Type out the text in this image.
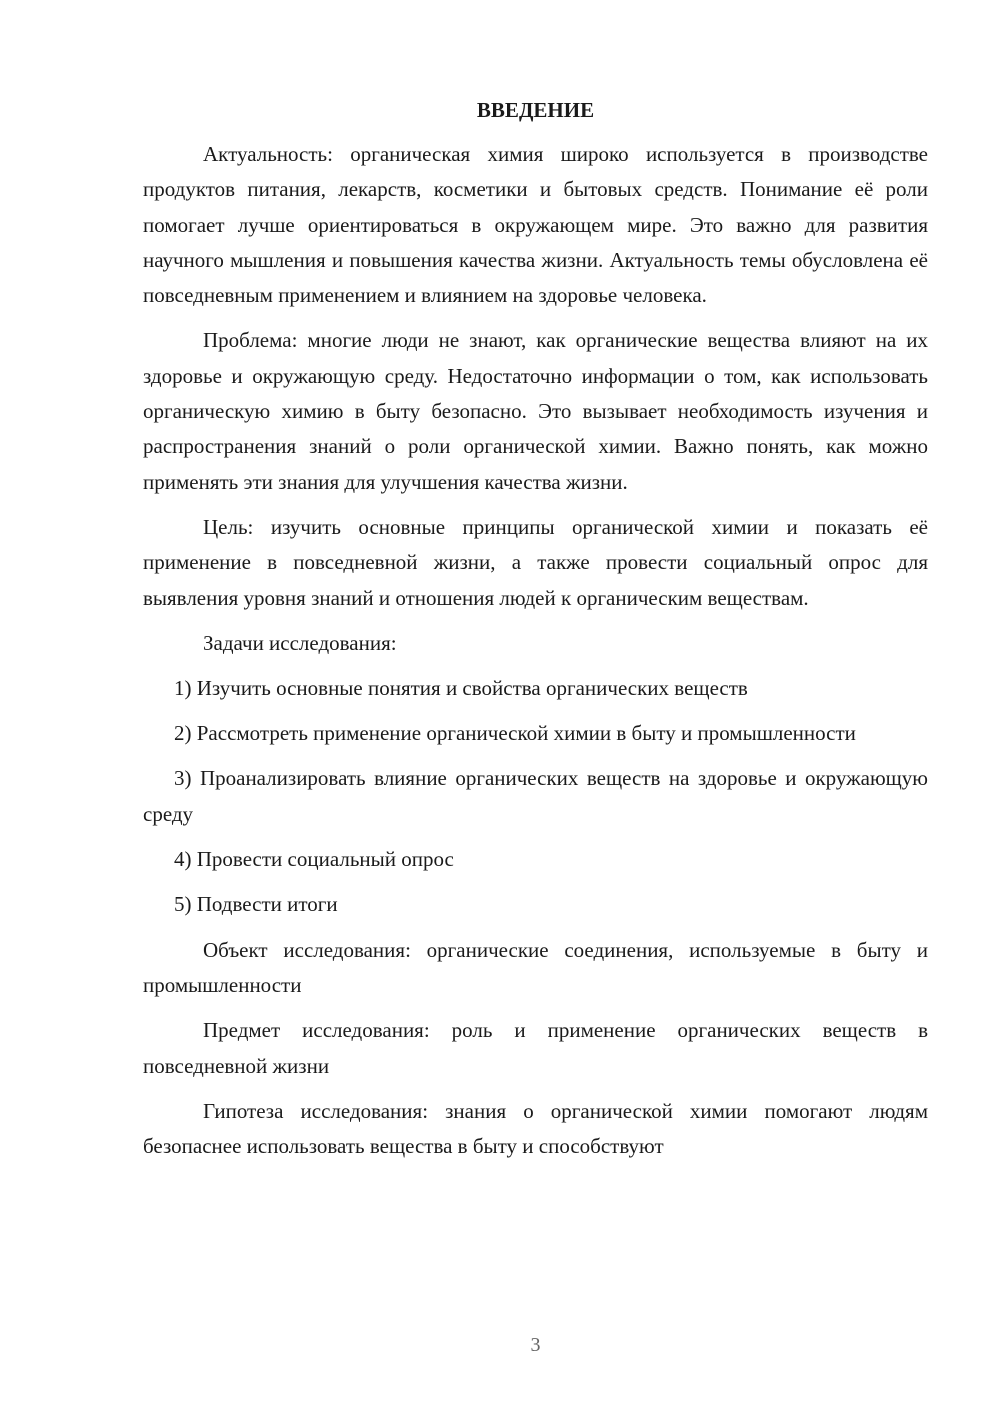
ВВЕДЕНИЕ

Актуальность: органическая химия широко используется в производстве продуктов питания, лекарств, косметики и бытовых средств. Понимание её роли помогает лучше ориентироваться в окружающем мире. Это важно для развития научного мышления и повышения качества жизни. Актуальность темы обусловлена её повседневным применением и влиянием на здоровье человека.

Проблема: многие люди не знают, как органические вещества влияют на их здоровье и окружающую среду. Недостаточно информации о том, как использовать органическую химию в быту безопасно. Это вызывает необходимость изучения и распространения знаний о роли органической химии. Важно понять, как можно применять эти знания для улучшения качества жизни.

Цель: изучить основные принципы органической химии и показать её применение в повседневной жизни, а также провести социальный опрос для выявления уровня знаний и отношения людей к органическим веществам.

Задачи исследования:

1) Изучить основные понятия и свойства органических веществ

2) Рассмотреть применение органической химии в быту и промышленности

3) Проанализировать влияние органических веществ на здоровье и окружающую среду

4) Провести социальный опрос

5) Подвести итоги

Объект исследования: органические соединения, используемые в быту и промышленности

Предмет исследования: роль и применение органических веществ в повседневной жизни

Гипотеза исследования: знания о органической химии помогают людям безопаснее использовать вещества в быту и способствуют

3
